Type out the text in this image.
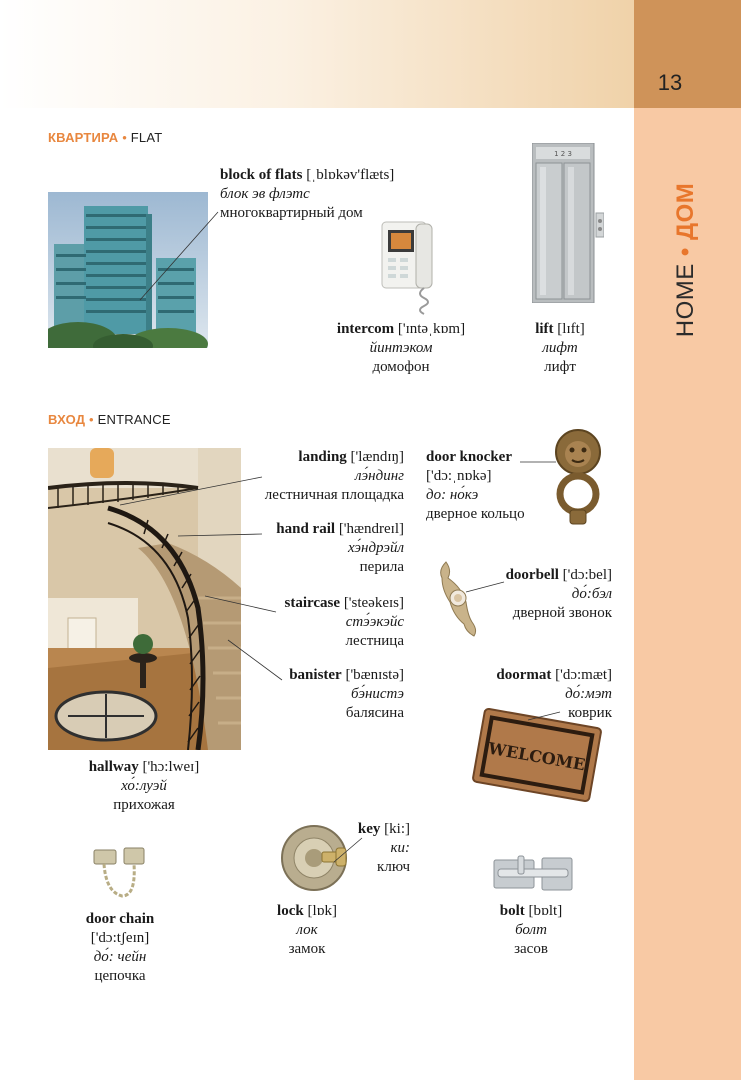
13
HOME • ДОМ
КВАРТИРА • FLAT
ВХОД • ENTRANCE
1 2 3
WELCOME
block of flats [ˌblɒkəv'flæts]
блок эв флэтс
многоквартирный дом
intercom ['ɪntəˌkɒm]
йинтэком
домофон
lift [lɪft]
лифт
лифт
landing ['lændɪŋ]
лэ́ндинг
лестничная площадка
hand rail ['hændreɪl]
хэ́ндрэйл
перила
staircase ['steəkeɪs]
стэ́экэйс
лестница
banister ['bænɪstə]
бэ́нистэ
балясина
hallway ['hɔ:lweɪ]
хо́:луэй
прихожая
door knocker
['dɔ:ˌnɒkə]
до: но́кэ
дверное кольцо
doorbell ['dɔ:bel]
до́:бэл
дверной звонок
doormat ['dɔ:mæt]
до́:мэт
коврик
key [ki:]
ки:
ключ
door chain
['dɔ:tʃeɪn]
до́: чейн
цепочка
lock [lɒk]
лок
замок
bolt [bɒlt]
болт
засов
